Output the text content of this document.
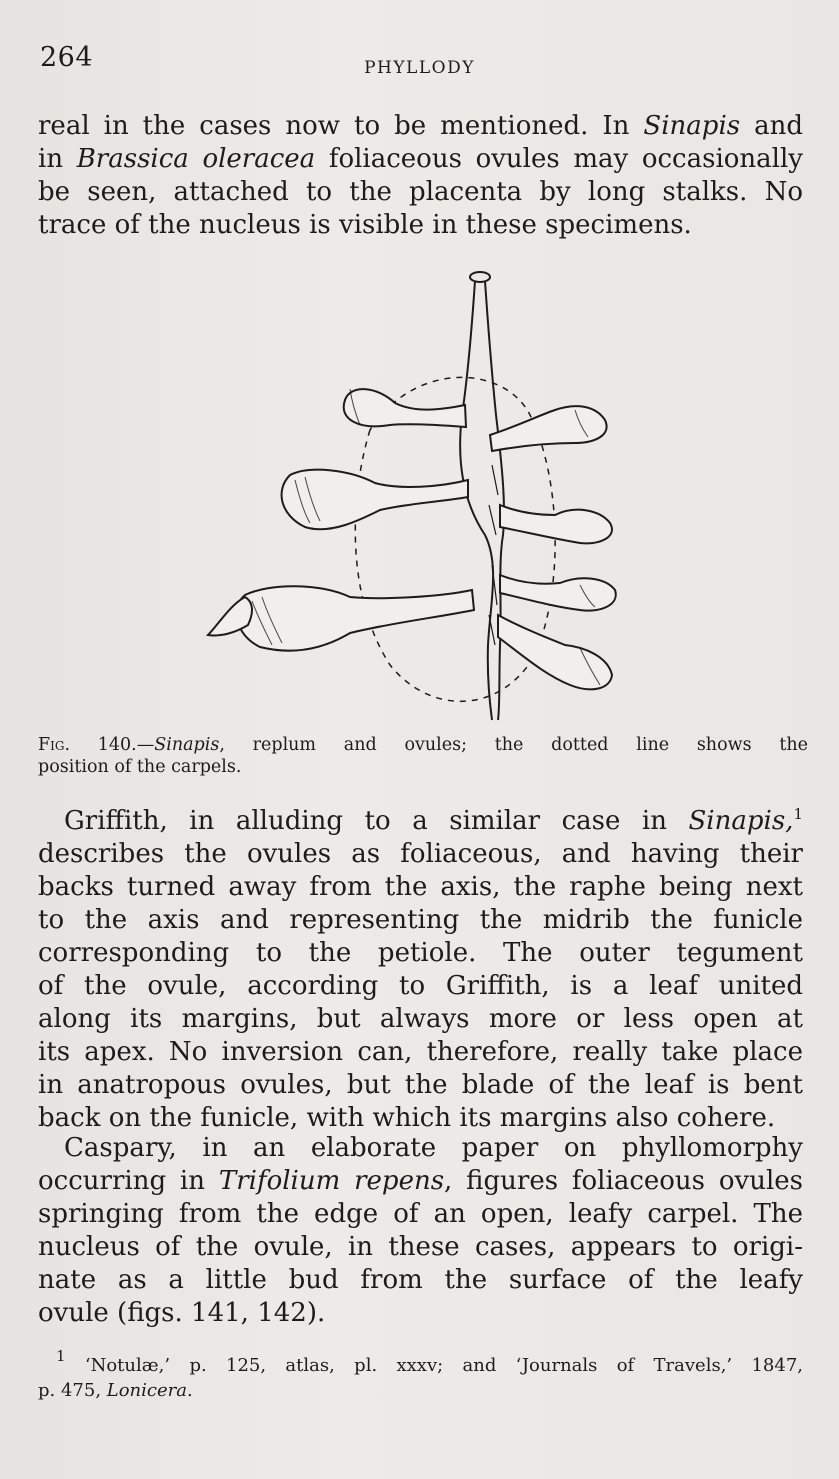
264	PHYLLODY
real in the cases now to be mentioned. In Sinapis and
in Brassica oleracea foliaceous ovules may occasionally
be seen, attached to the placenta by long stalks. No
trace of the nucleus is visible in these specimens.
Fig. 140.—Sinapis, replum and ovules; the dotted line shows the
position of the carpels.
 Griffith, in alluding to a similar case in Sinapis,$^1$
describes the ovules as foliaceous, and having their
backs turned away from the axis, the raphe being next
to the axis and representing the midrib the funicle
corresponding to the petiole. The outer tegument
of the ovule, according to Griffith, is a leaf united
along its margins, but always more or less open at
its apex. No inversion can, therefore, really take place
in anatropous ovules, but the blade of the leaf is bent
back on the funicle, with which its margins also cohere.
 Caspary, in an elaborate paper on phyllomorphy
occurring in Trifolium repens, figures foliaceous ovules
springing from the edge of an open, leafy carpel. The
nucleus of the ovule, in these cases, appears to origi-
nate as a little bud from the surface of the leafy
ovule (figs. 141, 142).
 $^1$ ‘Notulæ,’ p. 125, atlas, pl. xxxv; and ‘Journals of Travels,’ 1847,
p. 475, Lonicera.
